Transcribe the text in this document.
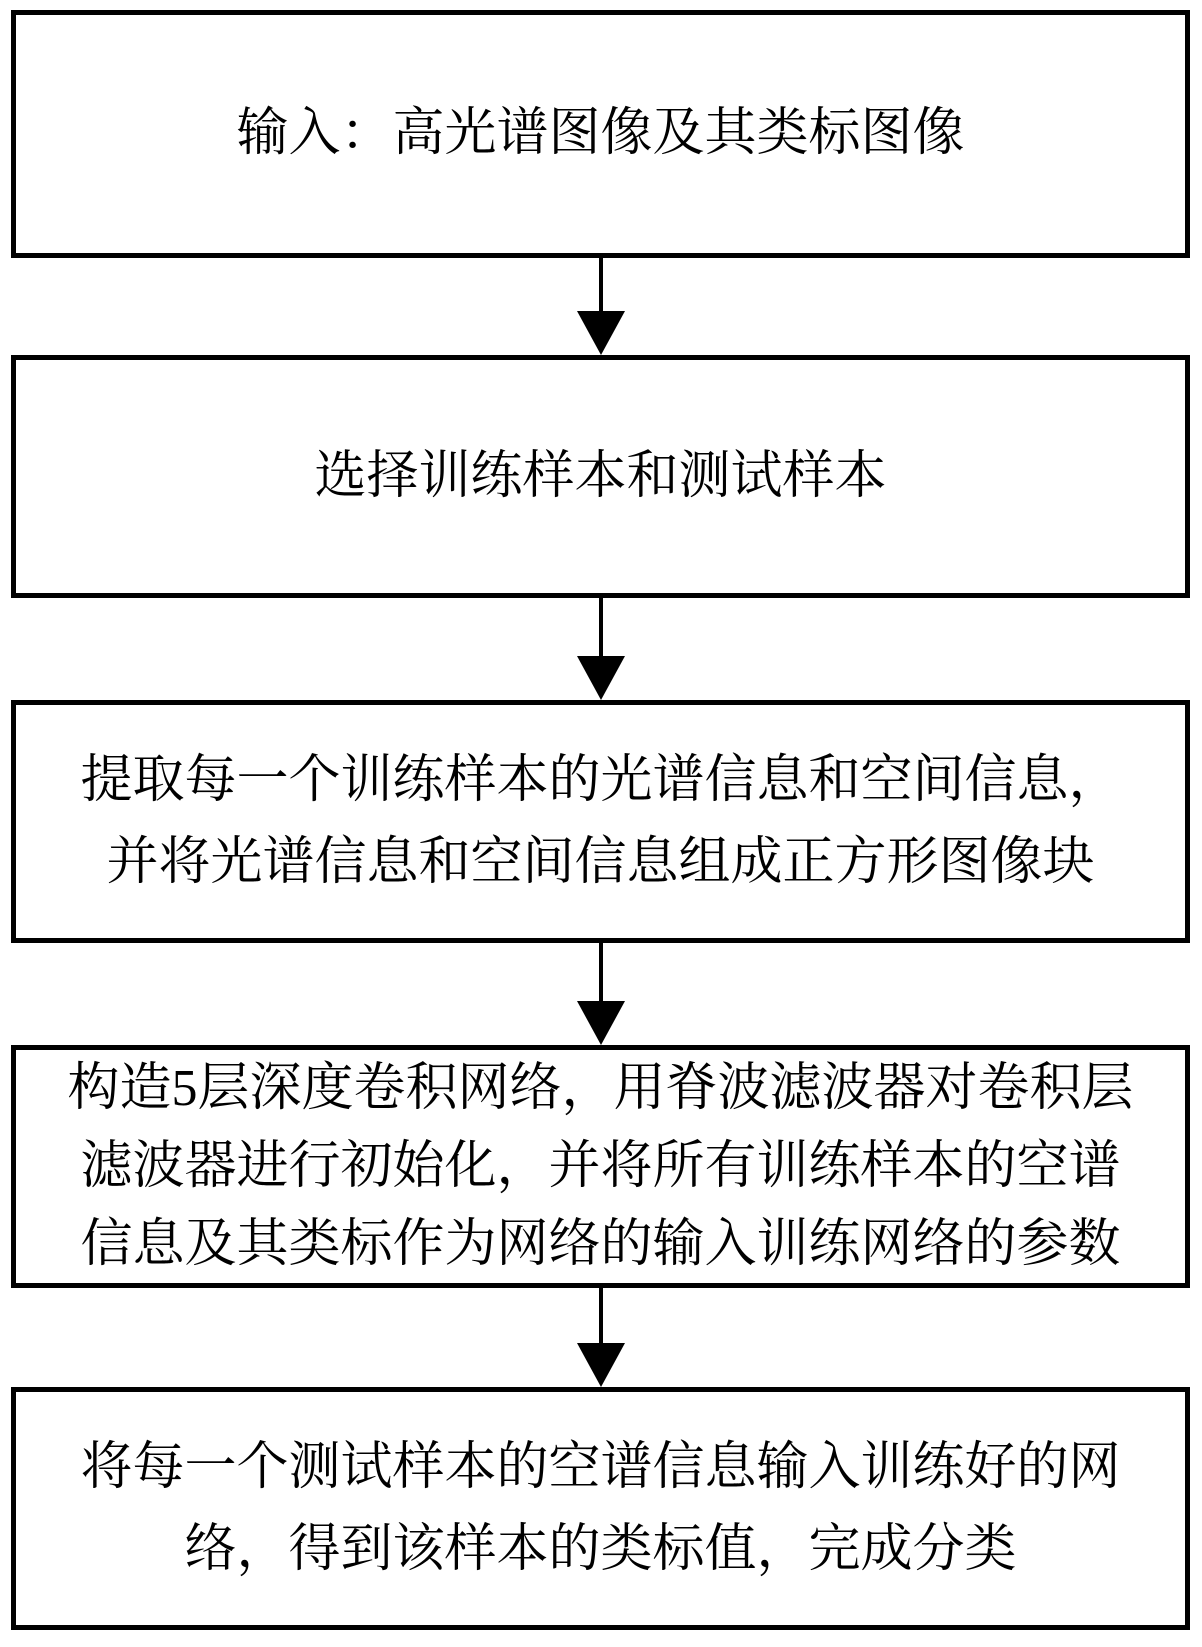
输入：高光谱图像及其类标图像
选择训练样本和测试样本
提取每一个训练样本的光谱信息和空间信息，
并将光谱信息和空间信息组成正方形图像块
构造5层深度卷积网络，用脊波滤波器对卷积层
滤波器进行初始化，并将所有训练样本的空谱
信息及其类标作为网络的输入训练网络的参数
将每一个测试样本的空谱信息输入训练好的网
络，得到该样本的类标值，完成分类
